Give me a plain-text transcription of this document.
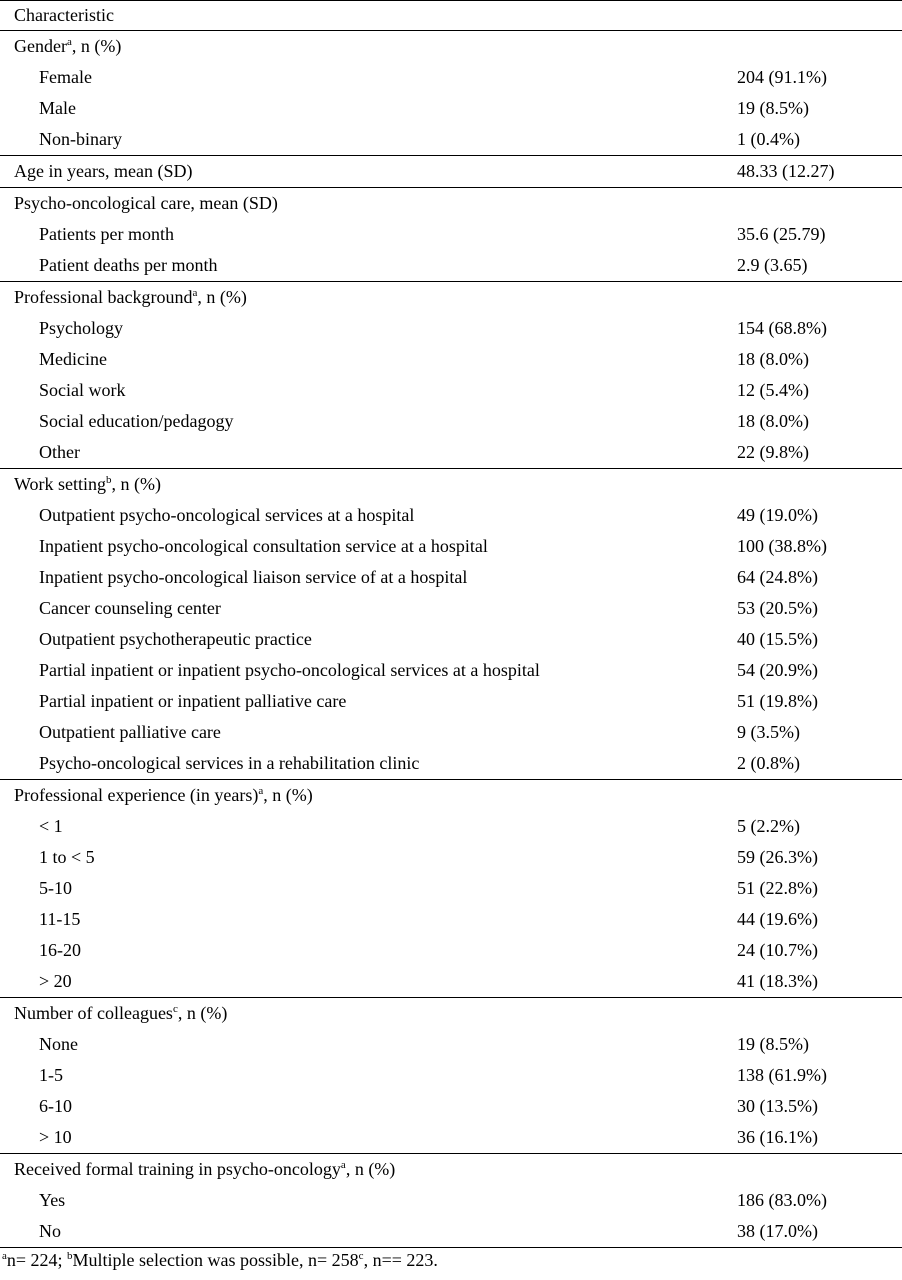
Characteristic
Gender$^a$, n (%)
Female	204 (91.1%)
Male	19 (8.5%)
Non-binary	1 (0.4%)
Age in years, mean (SD)	48.33 (12.27)
Psycho-oncological care, mean (SD)
Patients per month	35.6 (25.79)
Patient deaths per month	2.9 (3.65)
Professional background$^a$, n (%)
Psychology	154 (68.8%)
Medicine	18 (8.0%)
Social work	12 (5.4%)
Social education/pedagogy	18 (8.0%)
Other	22 (9.8%)
Work setting$^b$, n (%)
Outpatient psycho-oncological services at a hospital	49 (19.0%)
Inpatient psycho-oncological consultation service at a hospital	100 (38.8%)
Inpatient psycho-oncological liaison service of at a hospital	64 (24.8%)
Cancer counseling center	53 (20.5%)
Outpatient psychotherapeutic practice	40 (15.5%)
Partial inpatient or inpatient psycho-oncological services at a hospital	54 (20.9%)
Partial inpatient or inpatient palliative care	51 (19.8%)
Outpatient palliative care	9 (3.5%)
Psycho-oncological services in a rehabilitation clinic	2 (0.8%)
Professional experience (in years)$^a$, n (%)
< 1	5 (2.2%)
1 to < 5	59 (26.3%)
5-10	51 (22.8%)
11-15	44 (19.6%)
16-20	24 (10.7%)
> 20	41 (18.3%)
Number of colleagues$^c$, n (%)
None	19 (8.5%)
1-5	138 (61.9%)
6-10	30 (13.5%)
> 10	36 (16.1%)
Received formal training in psycho-oncology$^a$, n (%)
Yes	186 (83.0%)
No	38 (17.0%)
$^a$n= 224; $^b$Multiple selection was possible, $n= 258^c$, n== 223.
